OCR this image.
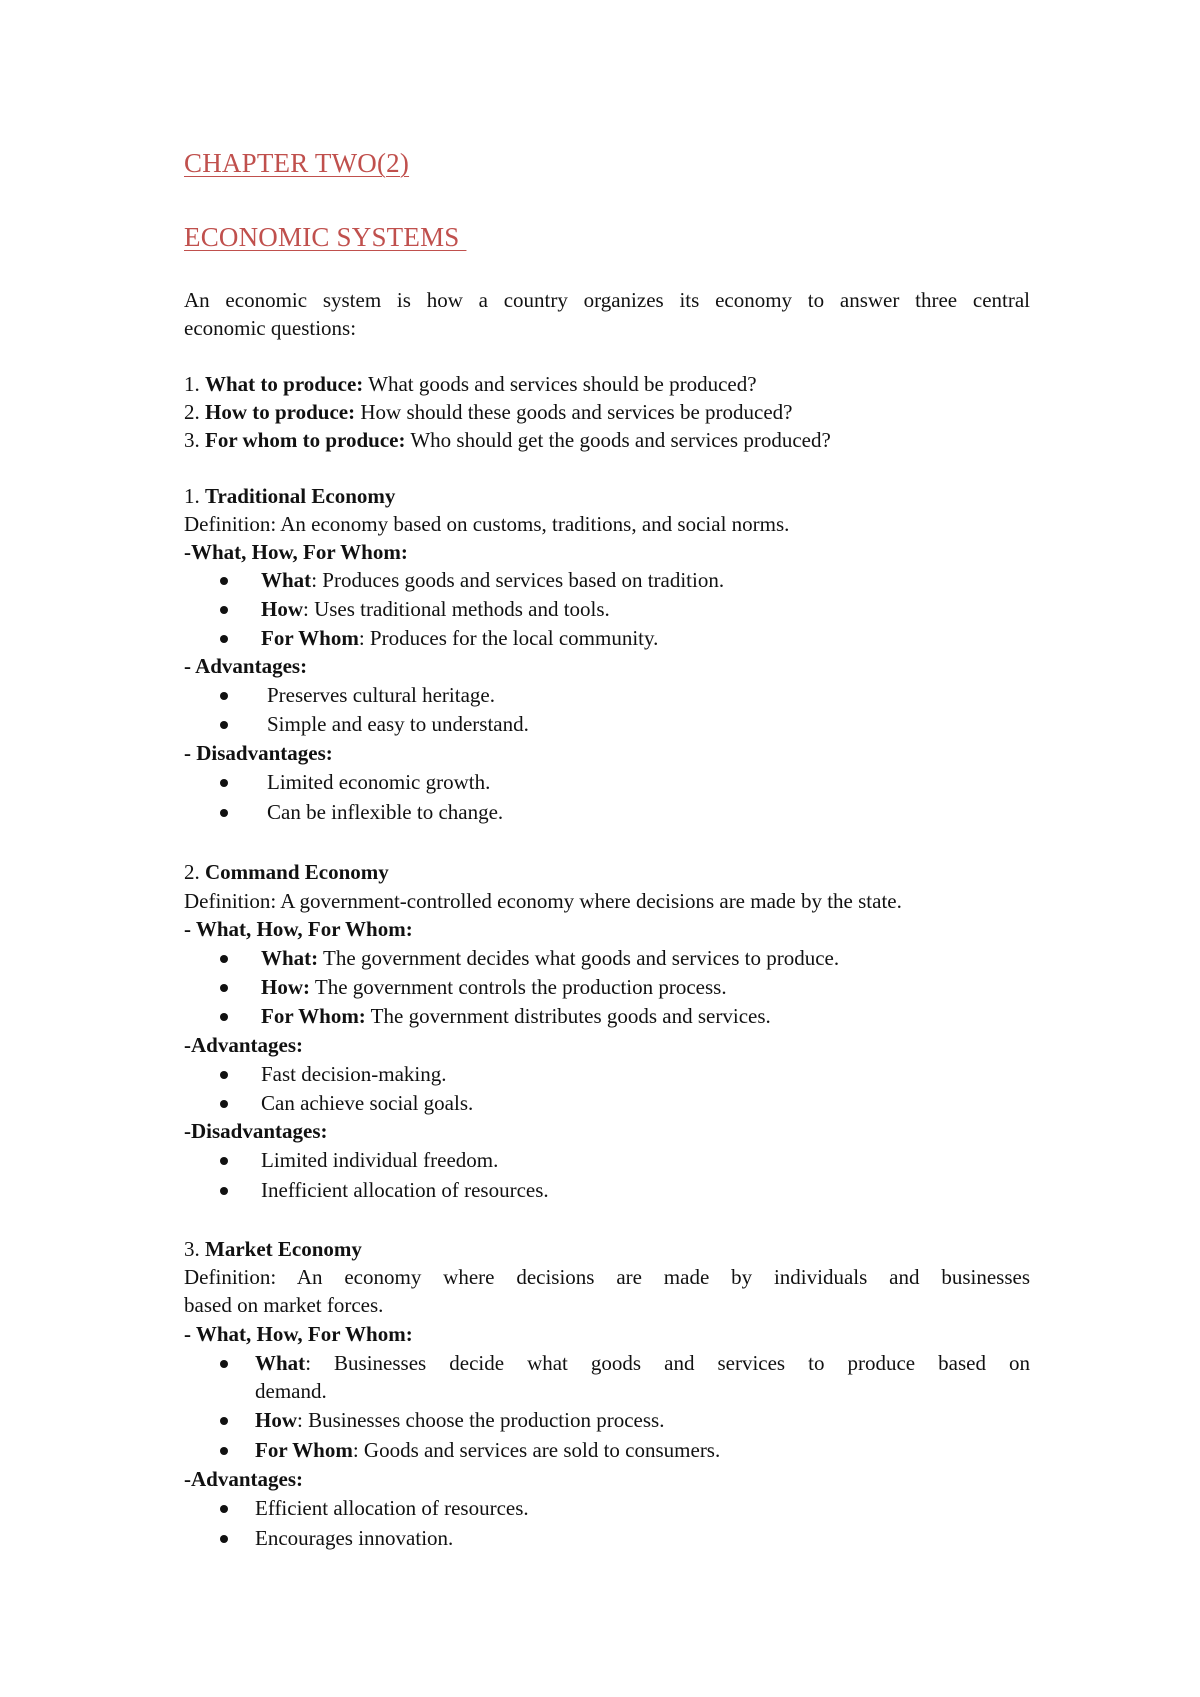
CHAPTER TWO(2)
ECONOMIC SYSTEMS
An economic system is how a country organizes its economy to answer three central
economic questions:
1. What to produce: What goods and services should be produced?
2. How to produce: How should these goods and services be produced?
3. For whom to produce: Who should get the goods and services produced?
1. Traditional Economy
Definition: An economy based on customs, traditions, and social norms.
-What, How, For Whom:
What: Produces goods and services based on tradition.
How: Uses traditional methods and tools.
For Whom: Produces for the local community.
- Advantages:
Preserves cultural heritage.
Simple and easy to understand.
- Disadvantages:
Limited economic growth.
Can be inflexible to change.
2. Command Economy
Definition: A government-controlled economy where decisions are made by the state.
- What, How, For Whom:
What: The government decides what goods and services to produce.
How: The government controls the production process.
For Whom: The government distributes goods and services.
-Advantages:
Fast decision-making.
Can achieve social goals.
-Disadvantages:
Limited individual freedom.
Inefficient allocation of resources.
3. Market Economy
Definition: An economy where decisions are made by individuals and businesses
based on market forces.
- What, How, For Whom:
What: Businesses decide what goods and services to produce based on
demand.
How: Businesses choose the production process.
For Whom: Goods and services are sold to consumers.
-Advantages:
Efficient allocation of resources.
Encourages innovation.
